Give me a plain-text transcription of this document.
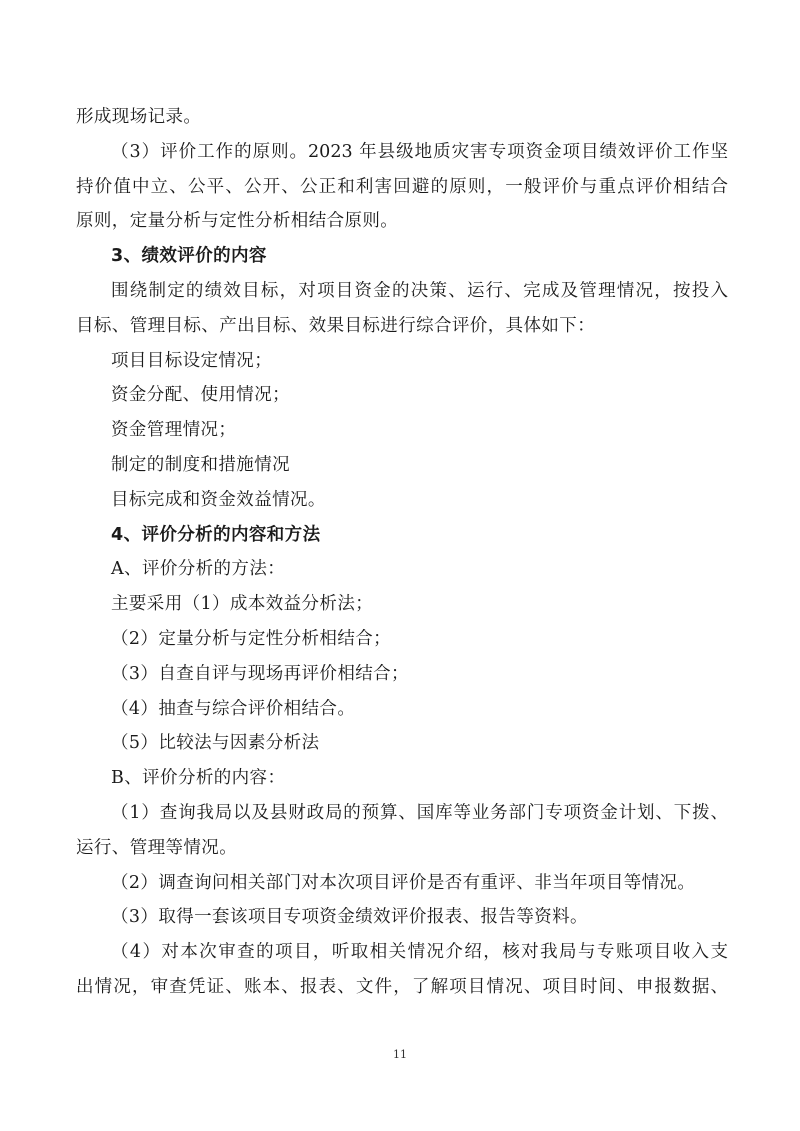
形成现场记录。
（3）评价工作的原则。2023 年县级地质灾害专项资金项目绩效评价工作坚
持价值中立、公平、公开、公正和利害回避的原则，一般评价与重点评价相结合
原则，定量分析与定性分析相结合原则。
3、绩效评价的内容
围绕制定的绩效目标，对项目资金的决策、运行、完成及管理情况，按投入
目标、管理目标、产出目标、效果目标进行综合评价，具体如下：
项目目标设定情况；
资金分配、使用情况；
资金管理情况；
制定的制度和措施情况
目标完成和资金效益情况。
4、评价分析的内容和方法
A、评价分析的方法：
主要采用（1）成本效益分析法；
（2）定量分析与定性分析相结合；
（3）自查自评与现场再评价相结合；
（4）抽查与综合评价相结合。
（5）比较法与因素分析法
B、评价分析的内容：
（1）查询我局以及县财政局的预算、国库等业务部门专项资金计划、下拨、
运行、管理等情况。
（2）调查询问相关部门对本次项目评价是否有重评、非当年项目等情况。
（3）取得一套该项目专项资金绩效评价报表、报告等资料。
（4）对本次审查的项目，听取相关情况介绍，核对我局与专账项目收入支
出情况，审查凭证、账本、报表、文件，了解项目情况、项目时间、申报数据、
11
